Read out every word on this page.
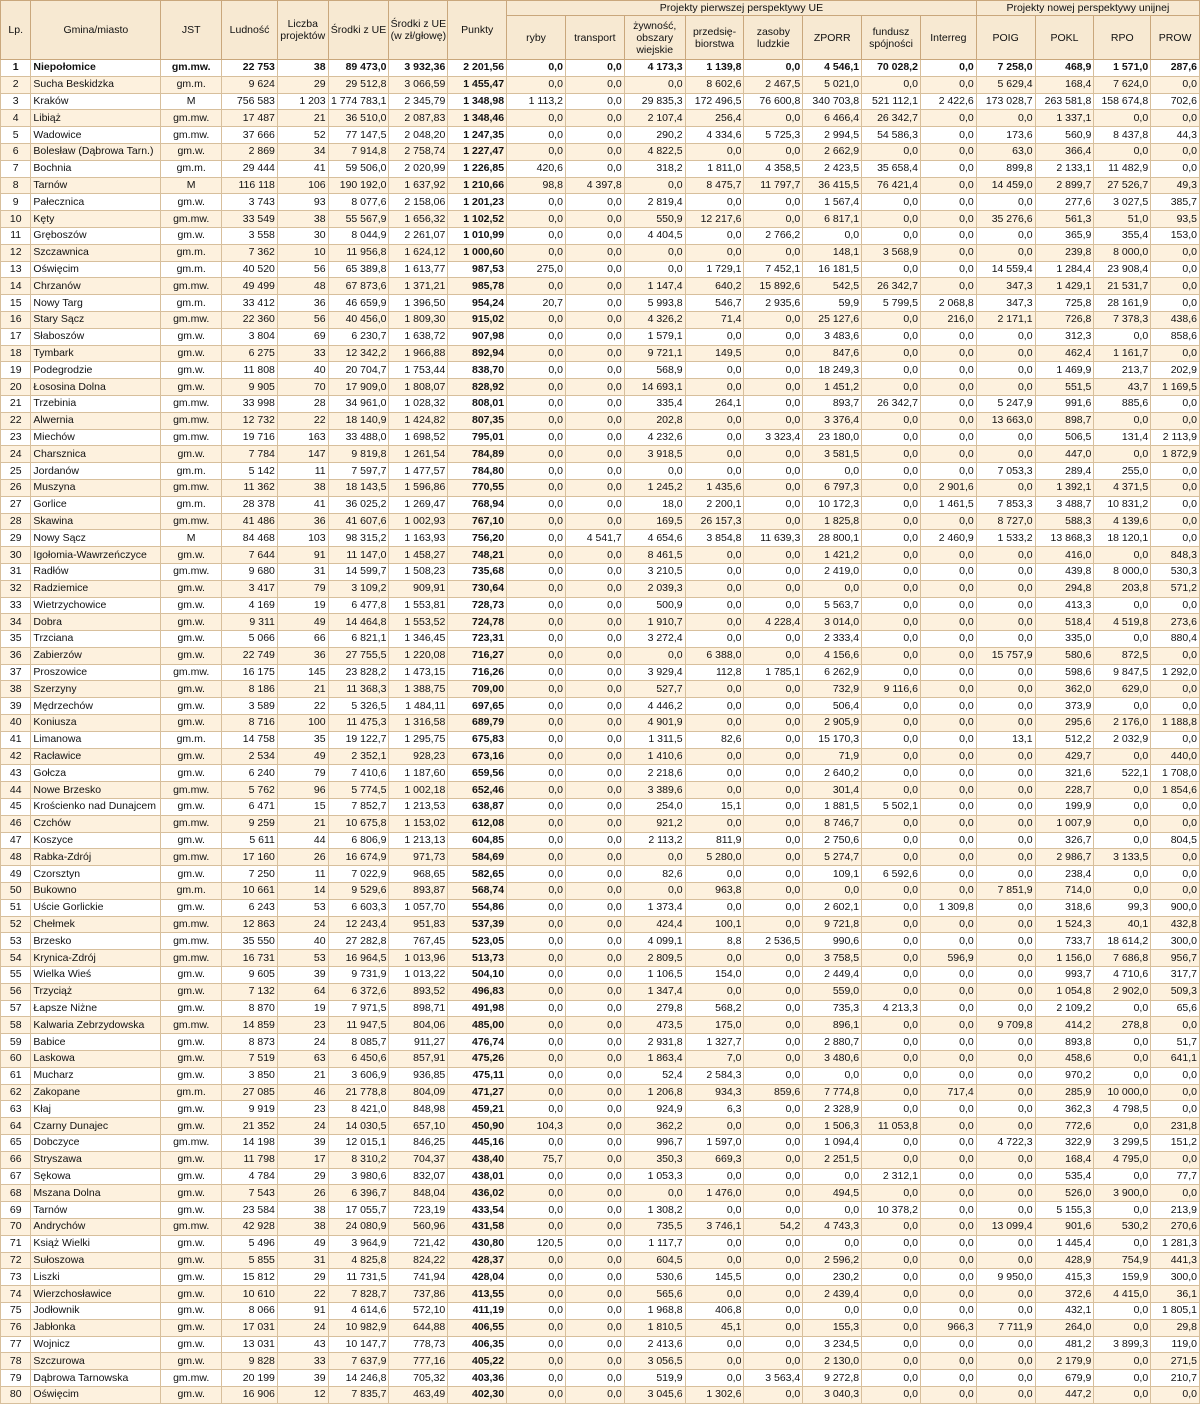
Lp.	Gmina/miasto	JST	Ludność	Liczba projektów	Środki z UE	Środki z UE (w zł/głowę)	Punkty	Projekty pierwszej perspektywy UE								Projekty nowej perspektywy unijnej			
								ryby	transport	żywność, obszary wiejskie	przedsię-biorstwa	zasoby ludzkie	ZPORR	fundusz spójności	Interreg	POIG	POKL	RPO	PROW
1	Niepołomice	gm.mw.	22 753	38	89 473,0	3 932,36	2 201,56	0,0	0,0	4 173,3	1 139,8	0,0	4 546,1	70 028,2	0,0	7 258,0	468,9	1 571,0	287,6
2	Sucha Beskidzka	gm.m.	9 624	29	29 512,8	3 066,59	1 455,47	0,0	0,0	0,0	8 602,6	2 467,5	5 021,0	0,0	0,0	5 629,4	168,4	7 624,0	0,0
3	Kraków	M	756 583	1 203	1 774 783,1	2 345,79	1 348,98	1 113,2	0,0	29 835,3	172 496,5	76 600,8	340 703,8	521 112,1	2 422,6	173 028,7	263 581,8	158 674,8	702,6
4	Libiąż	gm.mw.	17 487	21	36 510,0	2 087,83	1 348,46	0,0	0,0	2 107,4	256,4	0,0	6 466,4	26 342,7	0,0	0,0	1 337,1	0,0	0,0
5	Wadowice	gm.mw.	37 666	52	77 147,5	2 048,20	1 247,35	0,0	0,0	290,2	4 334,6	5 725,3	2 994,5	54 586,3	0,0	173,6	560,9	8 437,8	44,3
6	Bolesław (Dąbrowa Tarn.)	gm.w.	2 869	34	7 914,8	2 758,74	1 227,47	0,0	0,0	4 822,5	0,0	0,0	2 662,9	0,0	0,0	63,0	366,4	0,0	0,0
7	Bochnia	gm.m.	29 444	41	59 506,0	2 020,99	1 226,85	420,6	0,0	318,2	1 811,0	4 358,5	2 423,5	35 658,4	0,0	899,8	2 133,1	11 482,9	0,0
8	Tarnów	M	116 118	106	190 192,0	1 637,92	1 210,66	98,8	4 397,8	0,0	8 475,7	11 797,7	36 415,5	76 421,4	0,0	14 459,0	2 899,7	27 526,7	49,3
9	Pałecznica	gm.w.	3 743	93	8 077,6	2 158,06	1 201,23	0,0	0,0	2 819,4	0,0	0,0	1 567,4	0,0	0,0	0,0	277,6	3 027,5	385,7
10	Kęty	gm.mw.	33 549	38	55 567,9	1 656,32	1 102,52	0,0	0,0	550,9	12 217,6	0,0	6 817,1	0,0	0,0	35 276,6	561,3	51,0	93,5
11	Gręboszów	gm.w.	3 558	30	8 044,9	2 261,07	1 010,99	0,0	0,0	4 404,5	0,0	2 766,2	0,0	0,0	0,0	0,0	365,9	355,4	153,0
12	Szczawnica	gm.m.	7 362	10	11 956,8	1 624,12	1 000,60	0,0	0,0	0,0	0,0	0,0	148,1	3 568,9	0,0	0,0	239,8	8 000,0	0,0
13	Oświęcim	gm.m.	40 520	56	65 389,8	1 613,77	987,53	275,0	0,0	0,0	1 729,1	7 452,1	16 181,5	0,0	0,0	14 559,4	1 284,4	23 908,4	0,0
14	Chrzanów	gm.mw.	49 499	48	67 873,6	1 371,21	985,78	0,0	0,0	1 147,4	640,2	15 892,6	542,5	26 342,7	0,0	347,3	1 429,1	21 531,7	0,0
15	Nowy Targ	gm.m.	33 412	36	46 659,9	1 396,50	954,24	20,7	0,0	5 993,8	546,7	2 935,6	59,9	5 799,5	2 068,8	347,3	725,8	28 161,9	0,0
16	Stary Sącz	gm.mw.	22 360	56	40 456,0	1 809,30	915,02	0,0	0,0	4 326,2	71,4	0,0	25 127,6	0,0	216,0	2 171,1	726,8	7 378,3	438,6
17	Słaboszów	gm.w.	3 804	69	6 230,7	1 638,72	907,98	0,0	0,0	1 579,1	0,0	0,0	3 483,6	0,0	0,0	0,0	312,3	0,0	858,6
18	Tymbark	gm.w.	6 275	33	12 342,2	1 966,88	892,94	0,0	0,0	9 721,1	149,5	0,0	847,6	0,0	0,0	0,0	462,4	1 161,7	0,0
19	Podegrodzie	gm.w.	11 808	40	20 704,7	1 753,44	838,70	0,0	0,0	568,9	0,0	0,0	18 249,3	0,0	0,0	0,0	1 469,9	213,7	202,9
20	Łososina Dolna	gm.w.	9 905	70	17 909,0	1 808,07	828,92	0,0	0,0	14 693,1	0,0	0,0	1 451,2	0,0	0,0	0,0	551,5	43,7	1 169,5
21	Trzebinia	gm.mw.	33 998	28	34 961,0	1 028,32	808,01	0,0	0,0	335,4	264,1	0,0	893,7	26 342,7	0,0	5 247,9	991,6	885,6	0,0
22	Alwernia	gm.mw.	12 732	22	18 140,9	1 424,82	807,35	0,0	0,0	202,8	0,0	0,0	3 376,4	0,0	0,0	13 663,0	898,7	0,0	0,0
23	Miechów	gm.mw.	19 716	163	33 488,0	1 698,52	795,01	0,0	0,0	4 232,6	0,0	3 323,4	23 180,0	0,0	0,0	0,0	506,5	131,4	2 113,9
24	Charsznica	gm.w.	7 784	147	9 819,8	1 261,54	784,89	0,0	0,0	3 918,5	0,0	0,0	3 581,5	0,0	0,0	0,0	447,0	0,0	1 872,9
25	Jordanów	gm.m.	5 142	11	7 597,7	1 477,57	784,80	0,0	0,0	0,0	0,0	0,0	0,0	0,0	0,0	7 053,3	289,4	255,0	0,0
26	Muszyna	gm.mw.	11 362	38	18 143,5	1 596,86	770,55	0,0	0,0	1 245,2	1 435,6	0,0	6 797,3	0,0	2 901,6	0,0	1 392,1	4 371,5	0,0
27	Gorlice	gm.m.	28 378	41	36 025,2	1 269,47	768,94	0,0	0,0	18,0	2 200,1	0,0	10 172,3	0,0	1 461,5	7 853,3	3 488,7	10 831,2	0,0
28	Skawina	gm.mw.	41 486	36	41 607,6	1 002,93	767,10	0,0	0,0	169,5	26 157,3	0,0	1 825,8	0,0	0,0	8 727,0	588,3	4 139,6	0,0
29	Nowy Sącz	M	84 468	103	98 315,2	1 163,93	756,20	0,0	4 541,7	4 654,6	3 854,8	11 639,3	28 800,1	0,0	2 460,9	1 533,2	13 868,3	18 120,1	0,0
30	Igołomia-Wawrzeńczyce	gm.w.	7 644	91	11 147,0	1 458,27	748,21	0,0	0,0	8 461,5	0,0	0,0	1 421,2	0,0	0,0	0,0	416,0	0,0	848,3
31	Radłów	gm.mw.	9 680	31	14 599,7	1 508,23	735,68	0,0	0,0	3 210,5	0,0	0,0	2 419,0	0,0	0,0	0,0	439,8	8 000,0	530,3
32	Radziemice	gm.w.	3 417	79	3 109,2	909,91	730,64	0,0	0,0	2 039,3	0,0	0,0	0,0	0,0	0,0	0,0	294,8	203,8	571,2
33	Wietrzychowice	gm.w.	4 169	19	6 477,8	1 553,81	728,73	0,0	0,0	500,9	0,0	0,0	5 563,7	0,0	0,0	0,0	413,3	0,0	0,0
34	Dobra	gm.w.	9 311	49	14 464,8	1 553,52	724,78	0,0	0,0	1 910,7	0,0	4 228,4	3 014,0	0,0	0,0	0,0	518,4	4 519,8	273,6
35	Trzciana	gm.w.	5 066	66	6 821,1	1 346,45	723,31	0,0	0,0	3 272,4	0,0	0,0	2 333,4	0,0	0,0	0,0	335,0	0,0	880,4
36	Zabierzów	gm.w.	22 749	36	27 755,5	1 220,08	716,27	0,0	0,0	0,0	6 388,0	0,0	4 156,6	0,0	0,0	15 757,9	580,6	872,5	0,0
37	Proszowice	gm.mw.	16 175	145	23 828,2	1 473,15	716,26	0,0	0,0	3 929,4	112,8	1 785,1	6 262,9	0,0	0,0	0,0	598,6	9 847,5	1 292,0
38	Szerzyny	gm.w.	8 186	21	11 368,3	1 388,75	709,00	0,0	0,0	527,7	0,0	0,0	732,9	9 116,6	0,0	0,0	362,0	629,0	0,0
39	Mędrzechów	gm.w.	3 589	22	5 326,5	1 484,11	697,65	0,0	0,0	4 446,2	0,0	0,0	506,4	0,0	0,0	0,0	373,9	0,0	0,0
40	Koniusza	gm.w.	8 716	100	11 475,3	1 316,58	689,79	0,0	0,0	4 901,9	0,0	0,0	2 905,9	0,0	0,0	0,0	295,6	2 176,0	1 188,8
41	Limanowa	gm.m.	14 758	35	19 122,7	1 295,75	675,83	0,0	0,0	1 311,5	82,6	0,0	15 170,3	0,0	0,0	13,1	512,2	2 032,9	0,0
42	Racławice	gm.w.	2 534	49	2 352,1	928,23	673,16	0,0	0,0	1 410,6	0,0	0,0	71,9	0,0	0,0	0,0	429,7	0,0	440,0
43	Gołcza	gm.w.	6 240	79	7 410,6	1 187,60	659,56	0,0	0,0	2 218,6	0,0	0,0	2 640,2	0,0	0,0	0,0	321,6	522,1	1 708,0
44	Nowe Brzesko	gm.mw.	5 762	96	5 774,5	1 002,18	652,46	0,0	0,0	3 389,6	0,0	0,0	301,4	0,0	0,0	0,0	228,7	0,0	1 854,6
45	Krościenko nad Dunajcem	gm.w.	6 471	15	7 852,7	1 213,53	638,87	0,0	0,0	254,0	15,1	0,0	1 881,5	5 502,1	0,0	0,0	199,9	0,0	0,0
46	Czchów	gm.mw.	9 259	21	10 675,8	1 153,02	612,08	0,0	0,0	921,2	0,0	0,0	8 746,7	0,0	0,0	0,0	1 007,9	0,0	0,0
47	Koszyce	gm.w.	5 611	44	6 806,9	1 213,13	604,85	0,0	0,0	2 113,2	811,9	0,0	2 750,6	0,0	0,0	0,0	326,7	0,0	804,5
48	Rabka-Zdrój	gm.mw.	17 160	26	16 674,9	971,73	584,69	0,0	0,0	0,0	5 280,0	0,0	5 274,7	0,0	0,0	0,0	2 986,7	3 133,5	0,0
49	Czorsztyn	gm.w.	7 250	11	7 022,9	968,65	582,65	0,0	0,0	82,6	0,0	0,0	109,1	6 592,6	0,0	0,0	238,4	0,0	0,0
50	Bukowno	gm.m.	10 661	14	9 529,6	893,87	568,74	0,0	0,0	0,0	963,8	0,0	0,0	0,0	0,0	7 851,9	714,0	0,0	0,0
51	Uście Gorlickie	gm.w.	6 243	53	6 603,3	1 057,70	554,86	0,0	0,0	1 373,4	0,0	0,0	2 602,1	0,0	1 309,8	0,0	318,6	99,3	900,0
52	Chełmek	gm.mw.	12 863	24	12 243,4	951,83	537,39	0,0	0,0	424,4	100,1	0,0	9 721,8	0,0	0,0	0,0	1 524,3	40,1	432,8
53	Brzesko	gm.mw.	35 550	40	27 282,8	767,45	523,05	0,0	0,0	4 099,1	8,8	2 536,5	990,6	0,0	0,0	0,0	733,7	18 614,2	300,0
54	Krynica-Zdrój	gm.mw.	16 731	53	16 964,5	1 013,96	513,73	0,0	0,0	2 809,5	0,0	0,0	3 758,5	0,0	596,9	0,0	1 156,0	7 686,8	956,7
55	Wielka Wieś	gm.w.	9 605	39	9 731,9	1 013,22	504,10	0,0	0,0	1 106,5	154,0	0,0	2 449,4	0,0	0,0	0,0	993,7	4 710,6	317,7
56	Trzyciąż	gm.w.	7 132	64	6 372,6	893,52	496,83	0,0	0,0	1 347,4	0,0	0,0	559,0	0,0	0,0	0,0	1 054,8	2 902,0	509,3
57	Łapsze Niżne	gm.w.	8 870	19	7 971,5	898,71	491,98	0,0	0,0	279,8	568,2	0,0	735,3	4 213,3	0,0	0,0	2 109,2	0,0	65,6
58	Kalwaria Zebrzydowska	gm.mw.	14 859	23	11 947,5	804,06	485,00	0,0	0,0	473,5	175,0	0,0	896,1	0,0	0,0	9 709,8	414,2	278,8	0,0
59	Babice	gm.w.	8 873	24	8 085,7	911,27	476,74	0,0	0,0	2 931,8	1 327,7	0,0	2 880,7	0,0	0,0	0,0	893,8	0,0	51,7
60	Laskowa	gm.w.	7 519	63	6 450,6	857,91	475,26	0,0	0,0	1 863,4	7,0	0,0	3 480,6	0,0	0,0	0,0	458,6	0,0	641,1
61	Mucharz	gm.w.	3 850	21	3 606,9	936,85	475,11	0,0	0,0	52,4	2 584,3	0,0	0,0	0,0	0,0	0,0	970,2	0,0	0,0
62	Zakopane	gm.m.	27 085	46	21 778,8	804,09	471,27	0,0	0,0	1 206,8	934,3	859,6	7 774,8	0,0	717,4	0,0	285,9	10 000,0	0,0
63	Kłaj	gm.w.	9 919	23	8 421,0	848,98	459,21	0,0	0,0	924,9	6,3	0,0	2 328,9	0,0	0,0	0,0	362,3	4 798,5	0,0
64	Czarny Dunajec	gm.w.	21 352	24	14 030,5	657,10	450,90	104,3	0,0	362,2	0,0	0,0	1 506,3	11 053,8	0,0	0,0	772,6	0,0	231,8
65	Dobczyce	gm.mw.	14 198	39	12 015,1	846,25	445,16	0,0	0,0	996,7	1 597,0	0,0	1 094,4	0,0	0,0	4 722,3	322,9	3 299,5	151,2
66	Stryszawa	gm.w.	11 798	17	8 310,2	704,37	438,40	75,7	0,0	350,3	669,3	0,0	2 251,5	0,0	0,0	0,0	168,4	4 795,0	0,0
67	Sękowa	gm.w.	4 784	29	3 980,6	832,07	438,01	0,0	0,0	1 053,3	0,0	0,0	0,0	2 312,1	0,0	0,0	535,4	0,0	77,7
68	Mszana Dolna	gm.w.	7 543	26	6 396,7	848,04	436,02	0,0	0,0	0,0	1 476,0	0,0	494,5	0,0	0,0	0,0	526,0	3 900,0	0,0
69	Tarnów	gm.w.	23 584	38	17 055,7	723,19	433,54	0,0	0,0	1 308,2	0,0	0,0	0,0	10 378,2	0,0	0,0	5 155,3	0,0	213,9
70	Andrychów	gm.mw.	42 928	38	24 080,9	560,96	431,58	0,0	0,0	735,5	3 746,1	54,2	4 743,3	0,0	0,0	13 099,4	901,6	530,2	270,6
71	Książ Wielki	gm.w.	5 496	49	3 964,9	721,42	430,80	120,5	0,0	1 117,7	0,0	0,0	0,0	0,0	0,0	0,0	1 445,4	0,0	1 281,3
72	Sułoszowa	gm.w.	5 855	31	4 825,8	824,22	428,37	0,0	0,0	604,5	0,0	0,0	2 596,2	0,0	0,0	0,0	428,9	754,9	441,3
73	Liszki	gm.w.	15 812	29	11 731,5	741,94	428,04	0,0	0,0	530,6	145,5	0,0	230,2	0,0	0,0	9 950,0	415,3	159,9	300,0
74	Wierzchosławice	gm.w.	10 610	22	7 828,7	737,86	413,55	0,0	0,0	565,6	0,0	0,0	2 439,4	0,0	0,0	0,0	372,6	4 415,0	36,1
75	Jodłownik	gm.w.	8 066	91	4 614,6	572,10	411,19	0,0	0,0	1 968,8	406,8	0,0	0,0	0,0	0,0	0,0	432,1	0,0	1 805,1
76	Jabłonka	gm.w.	17 031	24	10 982,9	644,88	406,55	0,0	0,0	1 810,5	45,1	0,0	155,3	0,0	966,3	7 711,9	264,0	0,0	29,8
77	Wojnicz	gm.w.	13 031	43	10 147,7	778,73	406,35	0,0	0,0	2 413,6	0,0	0,0	3 234,5	0,0	0,0	0,0	481,2	3 899,3	119,0
78	Szczurowa	gm.w.	9 828	33	7 637,9	777,16	405,22	0,0	0,0	3 056,5	0,0	0,0	2 130,0	0,0	0,0	0,0	2 179,9	0,0	271,5
79	Dąbrowa Tarnowska	gm.mw.	20 199	39	14 246,8	705,32	403,36	0,0	0,0	519,9	0,0	3 563,4	9 272,8	0,0	0,0	0,0	679,9	0,0	210,7
80	Oświęcim	gm.w.	16 906	12	7 835,7	463,49	402,30	0,0	0,0	3 045,6	1 302,6	0,0	3 040,3	0,0	0,0	0,0	447,2	0,0	0,0
